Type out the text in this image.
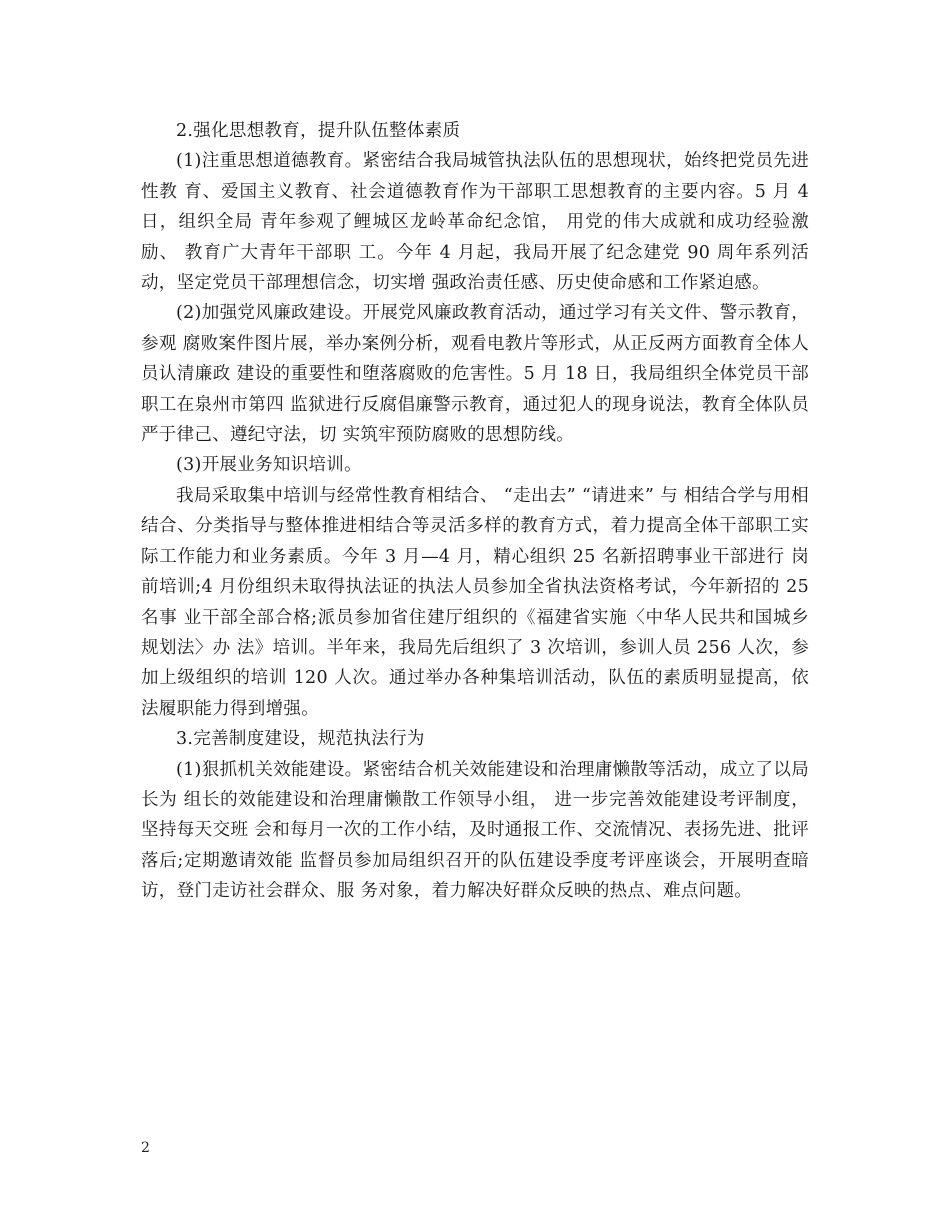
2.强化思想教育，提升队伍整体素质

(1)注重思想道德教育。紧密结合我局城管执法队伍的思想现状，始终把党员先进性教 育、爱国主义教育、社会道德教育作为干部职工思想教育的主要内容。5 月 4 日，组织全局 青年参观了鲤城区龙岭革命纪念馆， 用党的伟大成就和成功经验激励、 教育广大青年干部职 工。今年 4 月起，我局开展了纪念建党 90 周年系列活动，坚定党员干部理想信念，切实增 强政治责任感、历史使命感和工作紧迫感。

(2)加强党风廉政建设。开展党风廉政教育活动，通过学习有关文件、警示教育，参观 腐败案件图片展，举办案例分析，观看电教片等形式，从正反两方面教育全体人员认清廉政 建设的重要性和堕落腐败的危害性。5 月 18 日，我局组织全体党员干部职工在泉州市第四 监狱进行反腐倡廉警示教育，通过犯人的现身说法，教育全体队员严于律己、遵纪守法，切 实筑牢预防腐败的思想防线。

(3)开展业务知识培训。

我局采取集中培训与经常性教育相结合、 “走出去” “请进来” 与 相结合学与用相结合、分类指导与整体推进相结合等灵活多样的教育方式，着力提高全体干部职工实际工作能力和业务素质。今年 3 月—4 月，精心组织 25 名新招聘事业干部进行 岗前培训;4 月份组织未取得执法证的执法人员参加全省执法资格考试，今年新招的 25 名事 业干部全部合格;派员参加省住建厅组织的《福建省实施〈中华人民共和国城乡规划法〉办 法》培训。半年来，我局先后组织了 3 次培训，参训人员 256 人次，参加上级组织的培训 120 人次。通过举办各种集培训活动，队伍的素质明显提高，依法履职能力得到增强。

3.完善制度建设，规范执法行为

(1)狠抓机关效能建设。紧密结合机关效能建设和治理庸懒散等活动，成立了以局长为 组长的效能建设和治理庸懒散工作领导小组， 进一步完善效能建设考评制度， 坚持每天交班 会和每月一次的工作小结，及时通报工作、交流情况、表扬先进、批评落后;定期邀请效能 监督员参加局组织召开的队伍建设季度考评座谈会，开展明查暗访，登门走访社会群众、服 务对象，着力解决好群众反映的热点、难点问题。

2
